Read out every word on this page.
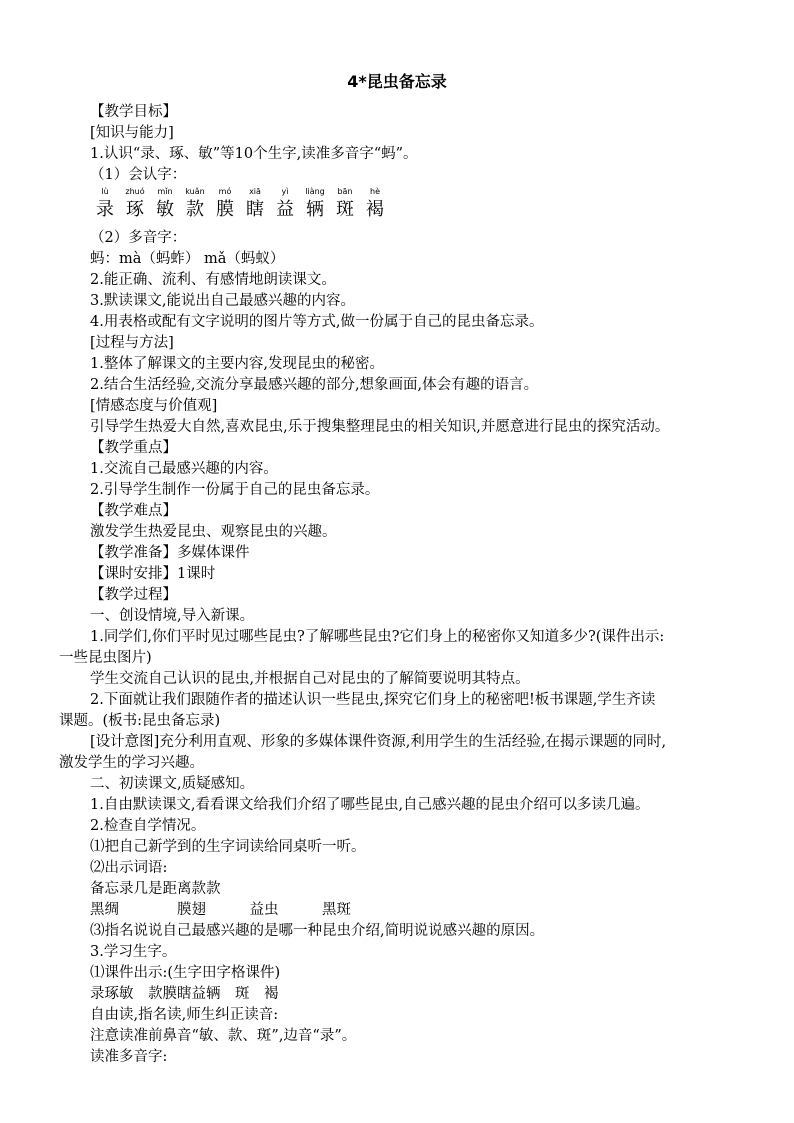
4*昆虫备忘录
【教学目标】
[知识与能力]
1.认识“录、琢、敏”等10个生字,读准多音字“蚂”。
（1）会认字：
lù	zhuó	mǐn	kuǎn	mó	xiā	yì	liàng	bān	hè
录 琢 敏 款 膜 瞎 益 辆 斑 褐
（2）多音字：
蚂：mà（蚂蚱） mǎ（蚂蚁）
2.能正确、流利、有感情地朗读课文。
3.默读课文,能说出自己最感兴趣的内容。
4.用表格或配有文字说明的图片等方式,做一份属于自己的昆虫备忘录。
[过程与方法]
1.整体了解课文的主要内容,发现昆虫的秘密。
2.结合生活经验,交流分享最感兴趣的部分,想象画面,体会有趣的语言。
[情感态度与价值观]
引导学生热爱大自然,喜欢昆虫,乐于搜集整理昆虫的相关知识,并愿意进行昆虫的探究活动。
【教学重点】
1.交流自己最感兴趣的内容。
2.引导学生制作一份属于自己的昆虫备忘录。
【教学难点】
激发学生热爱昆虫、观察昆虫的兴趣。
【教学准备】多媒体课件
【课时安排】1课时
【教学过程】
一、创设情境,导入新课。
1.同学们,你们平时见过哪些昆虫?了解哪些昆虫?它们身上的秘密你又知道多少?(课件出示:
一些昆虫图片)
学生交流自己认识的昆虫,并根据自己对昆虫的了解简要说明其特点。
2.下面就让我们跟随作者的描述认识一些昆虫,探究它们身上的秘密吧!板书课题,学生齐读
课题。(板书:昆虫备忘录)
[设计意图]充分利用直观、形象的多媒体课件资源,利用学生的生活经验,在揭示课题的同时,
激发学生的学习兴趣。
二、初读课文,质疑感知。
1.自由默读课文,看看课文给我们介绍了哪些昆虫,自己感兴趣的昆虫介绍可以多读几遍。
2.检查自学情况。
⑴把自己新学到的生字词读给同桌听一听。
⑵出示词语:
备忘录几是距离款款
黑绸　　　　膜翅　　　益虫　　　黑斑
⑶指名说说自己最感兴趣的是哪一种昆虫介绍,简明说说感兴趣的原因。
3.学习生字。
⑴课件出示:(生字田字格课件)
录琢敏　款膜瞎益辆　斑　褐
自由读,指名读,师生纠正读音:
注意读准前鼻音“敏、款、斑”,边音“录”。
读准多音字:
